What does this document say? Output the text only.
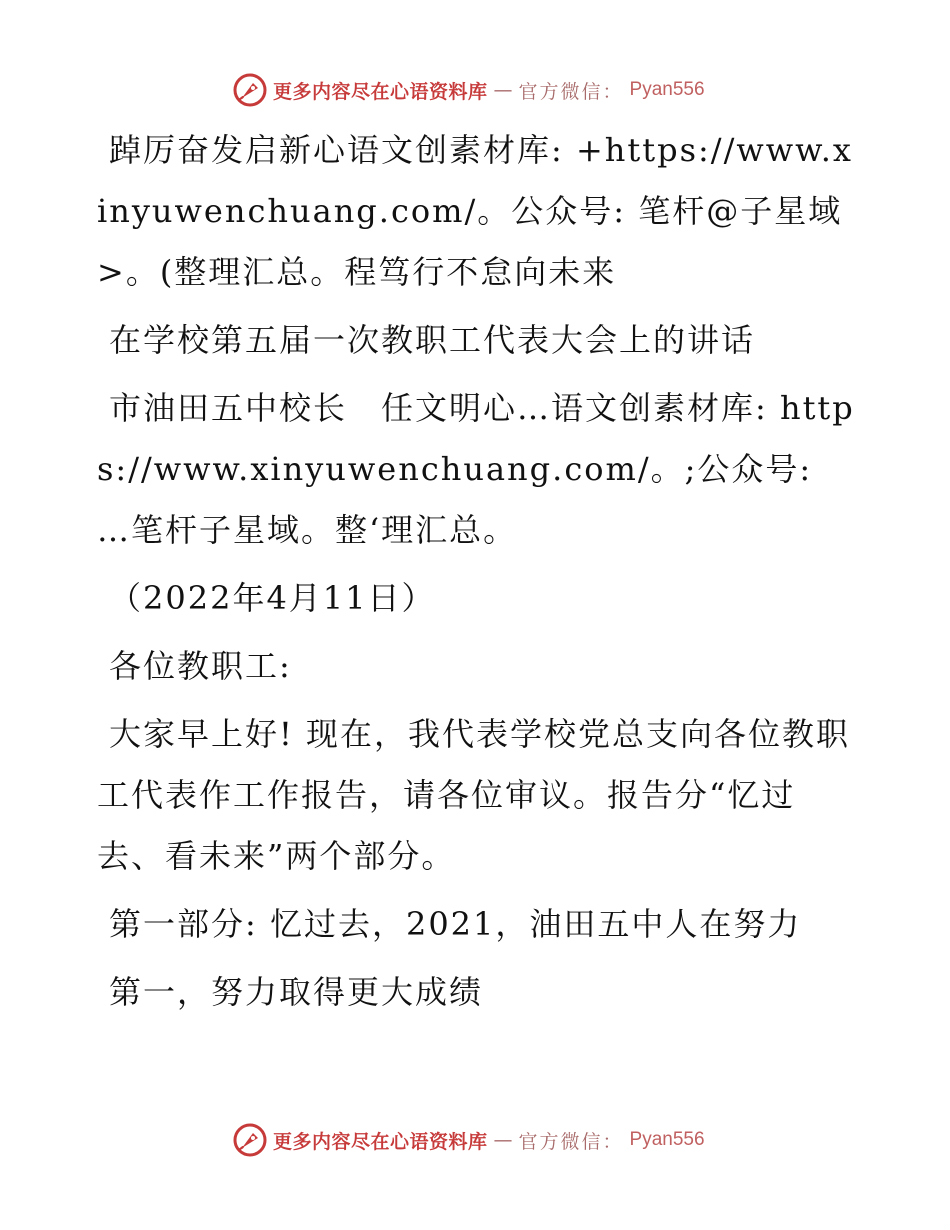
更多内容尽在心语资料库 — 官方微信： Pyan556

踔厉奋发启新心语文创素材库: +https://www.xinyuwenchuang.com/。公众号: 笔杆@子星域>。(整理汇总。程笃行不怠向未来

在学校第五届一次教职工代表大会上的讲话

市油田五中校长　任文明心…语文创素材库: https://www.xinyuwenchuang.com/。;公众号: …笔杆子星域。整ʻ理汇总。

（2022年4月11日）

各位教职工:

大家早上好! 现在，我代表学校党总支向各位教职工代表作工作报告，请各位审议。报告分“忆过去、看未来”两个部分。

第一部分: 忆过去，2021，油田五中人在努力

第一，努力取得更大成绩

更多内容尽在心语资料库 — 官方微信： Pyan556
